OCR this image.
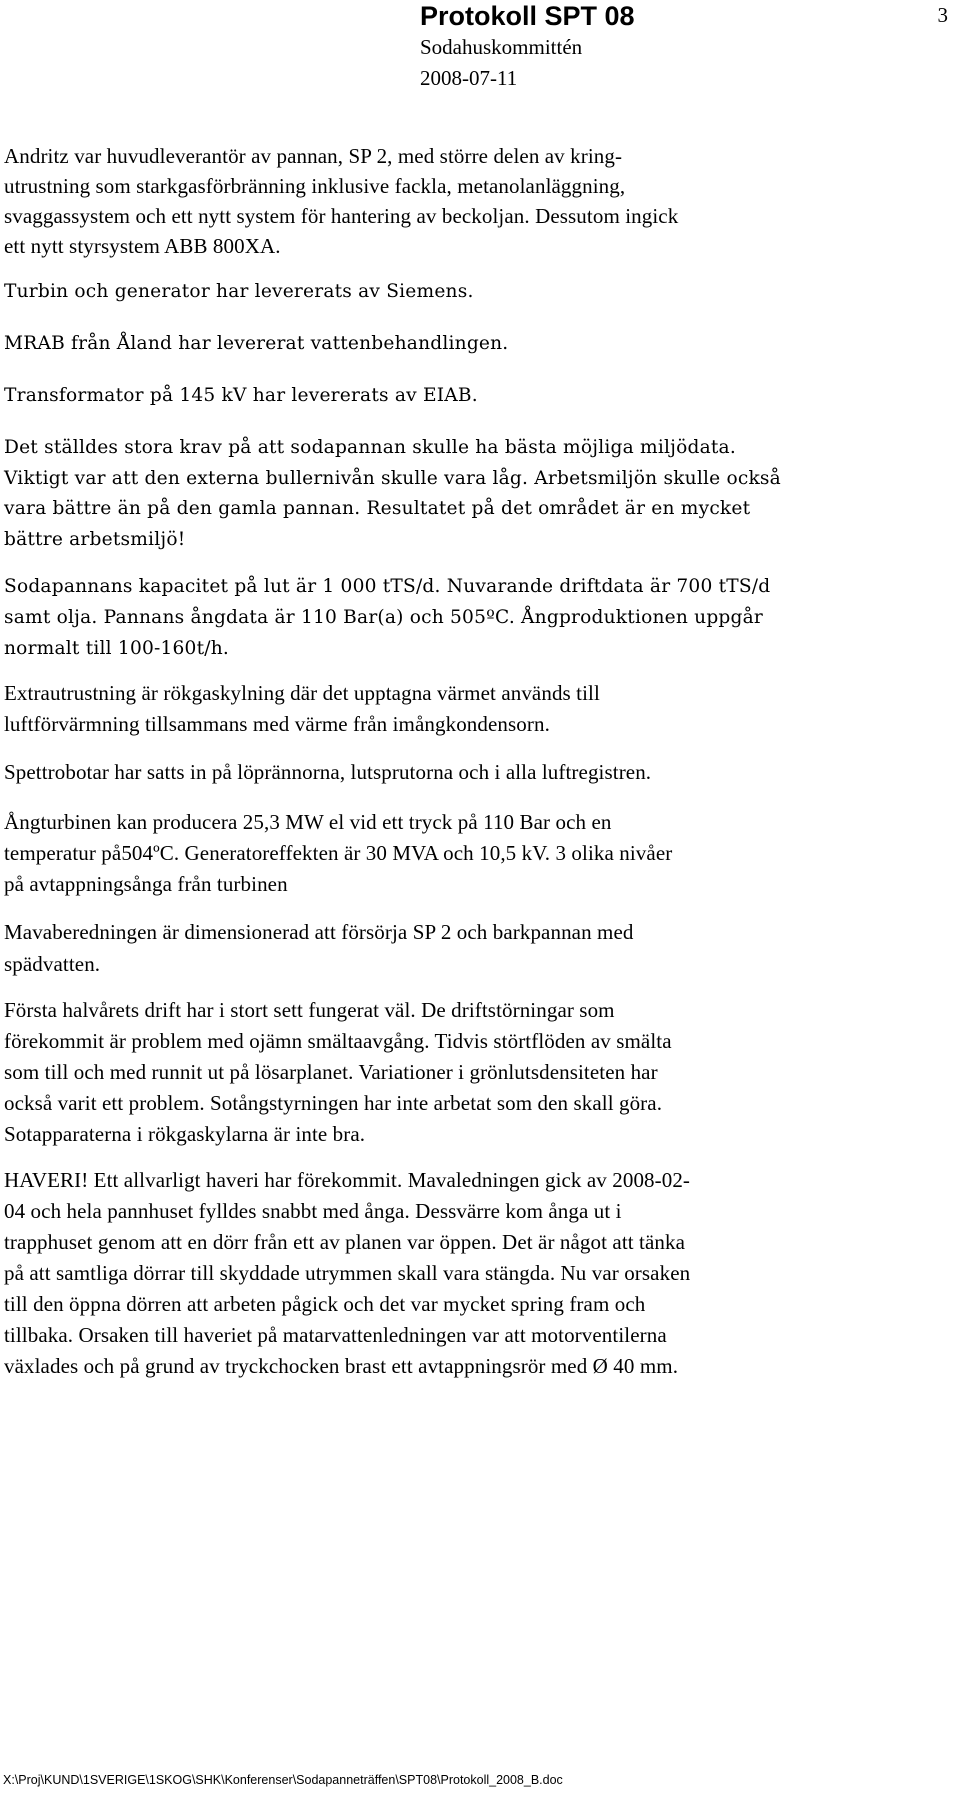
Protokoll SPT 08
Sodahuskommittén
2008-07-11
3

Andritz var huvudleverantör av pannan, SP 2, med större delen av kring-
utrustning som starkgasförbränning inklusive fackla, metanolanläggning,
svaggassystem och ett nytt system för hantering av beckoljan. Dessutom ingick
ett nytt styrsystem ABB 800XA.

Turbin och generator har levererats av Siemens.

MRAB från Åland har levererat vattenbehandlingen.

Transformator på 145 kV har levererats av EIAB.

Det ställdes stora krav på att sodapannan skulle ha bästa möjliga miljödata.
Viktigt var att den externa bullernivån skulle vara låg. Arbetsmiljön skulle också
vara bättre än på den gamla pannan. Resultatet på det området är en mycket
bättre arbetsmiljö!

Sodapannans kapacitet på lut är 1 000 tTS/d. Nuvarande driftdata är 700 tTS/d
samt olja. Pannans ångdata är 110 Bar(a) och 505ºC. Ångproduktionen uppgår
normalt till 100-160t/h.

Extrautrustning är rökgaskylning där det upptagna värmet används till
luftförvärmning tillsammans med värme från imångkondensorn.

Spettrobotar har satts in på löprännorna, lutsprutorna och i alla luftregistren.

Ångturbinen kan producera 25,3 MW el vid ett tryck på 110 Bar och en
temperatur på504ºC. Generatoreffekten är 30 MVA och 10,5 kV. 3 olika nivåer
på avtappningsånga från turbinen

Mavaberedningen är dimensionerad att försörja SP 2 och barkpannan med
spädvatten.

Första halvårets drift har i stort sett fungerat väl. De driftstörningar som
förekommit är problem med ojämn smältaavgång. Tidvis störtflöden av smälta
som till och med runnit ut på lösarplanet. Variationer i grönlutsdensiteten har
också varit ett problem. Sotångstyrningen har inte arbetat som den skall göra.
Sotapparaterna i rökgaskylarna är inte bra.

HAVERI! Ett allvarligt haveri har förekommit. Mavaledningen gick av 2008-02-
04 och hela pannhuset fylldes snabbt med ånga. Dessvärre kom ånga ut i
trapphuset genom att en dörr från ett av planen var öppen. Det är något att tänka
på att samtliga dörrar till skyddade utrymmen skall vara stängda. Nu var orsaken
till den öppna dörren att arbeten pågick och det var mycket spring fram och
tillbaka. Orsaken till haveriet på matarvattenledningen var att motorventilerna
växlades och på grund av tryckchocken brast ett avtappningsrör med Ø 40 mm.

X:\Proj\KUND\1SVERIGE\1SKOG\SHK\Konferenser\Sodapanneträffen\SPT08\Protokoll_2008_B.doc
